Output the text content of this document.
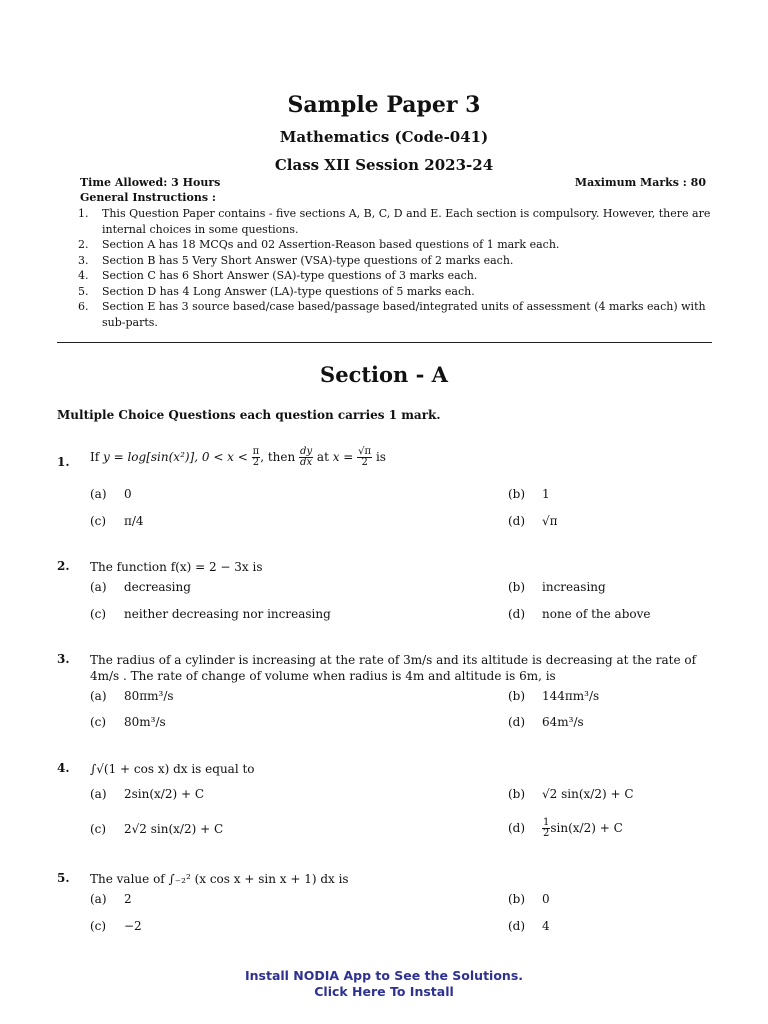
Sample Paper 3
Mathematics (Code-041)
Class XII Session 2023-24
Time Allowed: 3 Hours	Maximum Marks : 80
General Instructions :
1.	This Question Paper contains - five sections A, B, C, D and E. Each section is compulsory. However, there are internal choices in some questions.
2.	Section A has 18 MCQs and 02 Assertion-Reason based questions of 1 mark each.
3.	Section B has 5 Very Short Answer (VSA)-type questions of 2 marks each.
4.	Section C has 6 Short Answer (SA)-type questions of 3 marks each.
5.	Section D has 4 Long Answer (LA)-type questions of 5 marks each.
6.	Section E has 3 source based/case based/passage based/integrated units of assessment (4 marks each) with sub-parts.
Section - A
Multiple Choice Questions each question carries 1 mark.
1. If y = log[sin(x²)], $0 < x < \frac{\pi}{2}$ , then $\frac{dy}{dx}$ at $x = \frac{√\pi}{2}$ is
(a) 0	(b) 1
(c) π/4	(d) √π
2. The function f(x) = 2 − 3x is
(a) decreasing	(b) increasing
(c) neither decreasing nor increasing	(d) none of the above
3. The radius of a cylinder is increasing at the rate of 3m/s and its altitude is decreasing at the rate of 4m/s . The rate of change of volume when radius is 4m and altitude is 6m, is
(a) 80πm³/s	(b) 144πm³/s
(c) 80m³/s	(d) 64m³/s
4. ∫√(1 + cos x) dx is equal to
(a) 2sin(x/2) + C	(b) √2 sin(x/2) + C
(c) 2√2 sin(x/2) + C	$(d) \frac{1}{2} \sin(x/2) + C$
5. The value of ∫₋₂² (x cos x + sin x + 1) dx is
(a) 2	(b) 0
(c) −2	(d) 4
Install NODIA App to See the Solutions.
Click Here To Install
